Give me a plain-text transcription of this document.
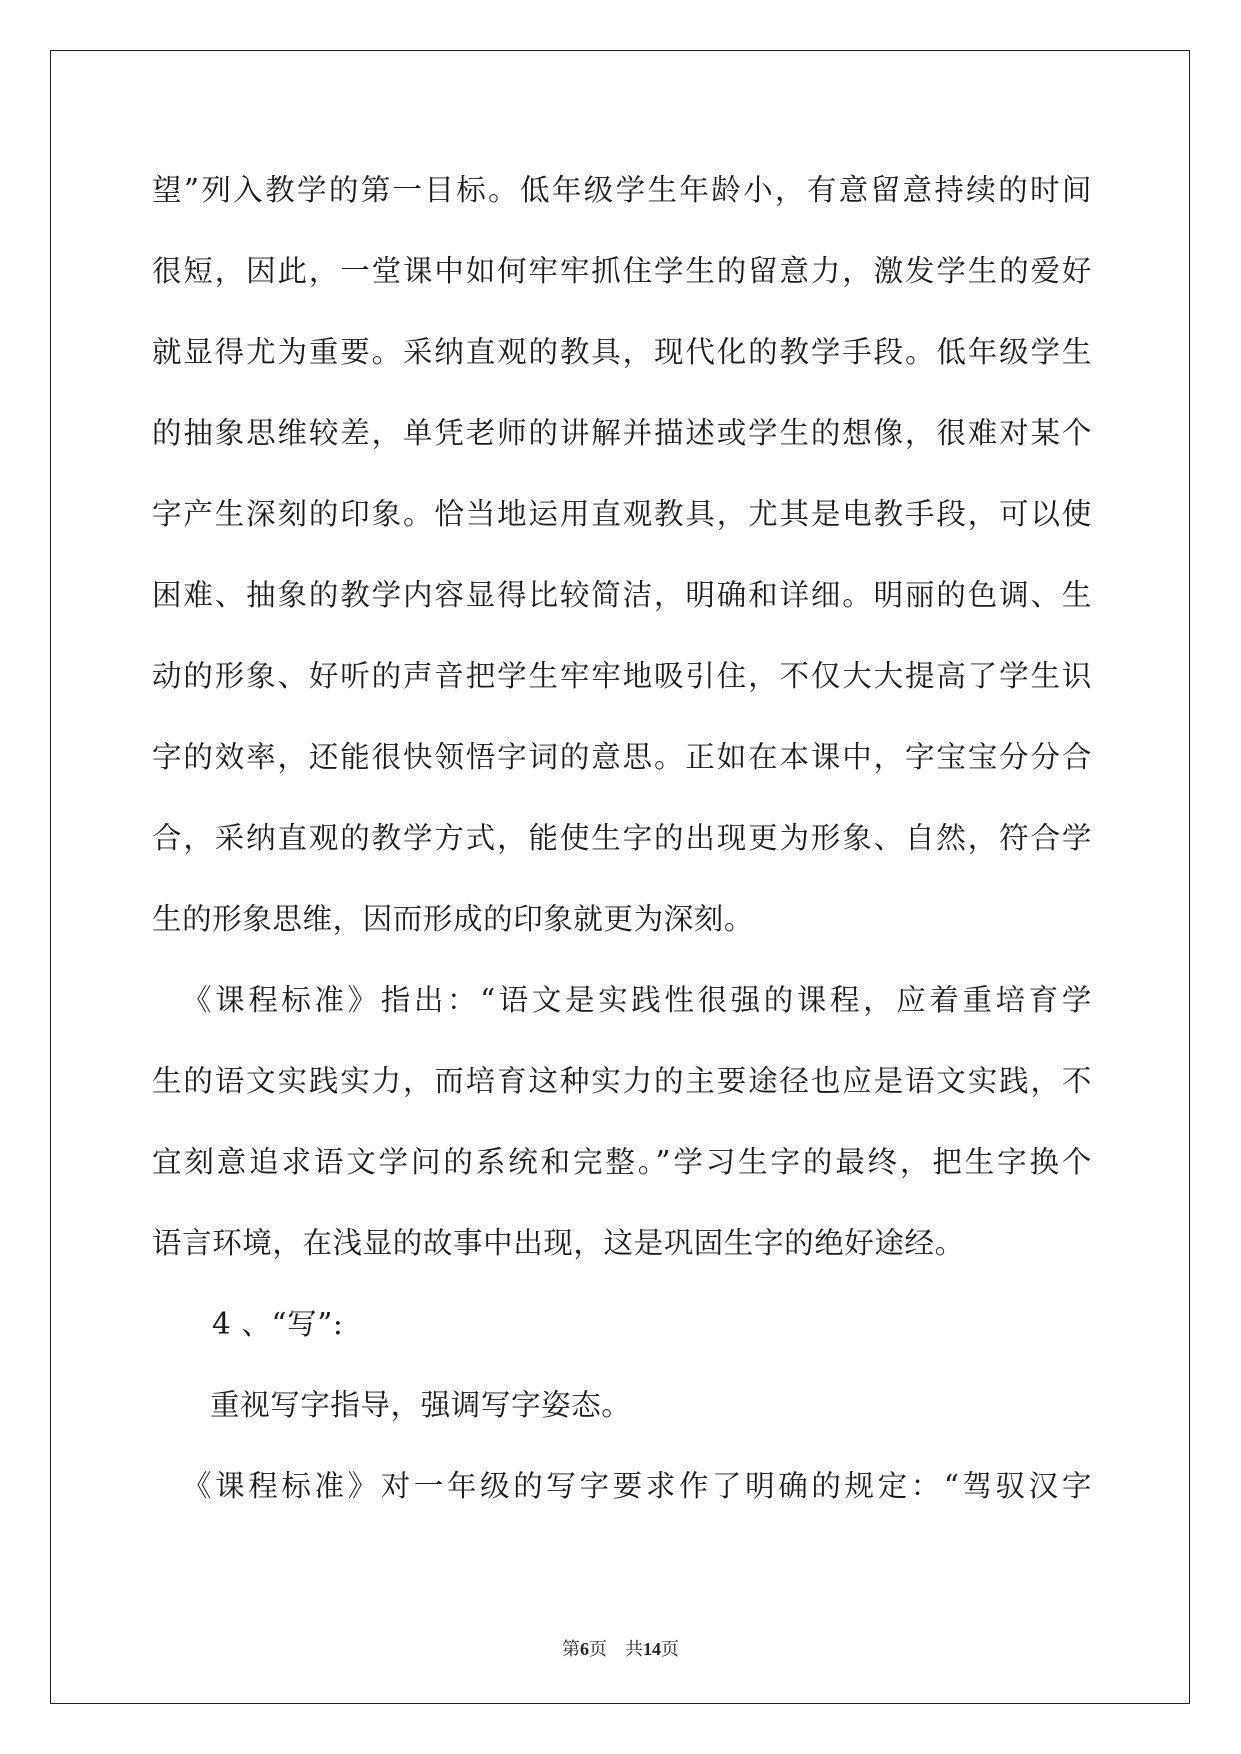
望”列入教学的第一目标。低年级学生年龄小，有意留意持续的时间
很短，因此，一堂课中如何牢牢抓住学生的留意力，激发学生的爱好
就显得尤为重要。采纳直观的教具，现代化的教学手段。低年级学生
的抽象思维较差，单凭老师的讲解并描述或学生的想像，很难对某个
字产生深刻的印象。恰当地运用直观教具，尤其是电教手段，可以使
困难、抽象的教学内容显得比较简洁，明确和详细。明丽的色调、生
动的形象、好听的声音把学生牢牢地吸引住，不仅大大提高了学生识
字的效率，还能很快领悟字词的意思。正如在本课中，字宝宝分分合
合，采纳直观的教学方式，能使生字的出现更为形象、自然，符合学
生的形象思维，因而形成的印象就更为深刻。
《课程标准》指出：“语文是实践性很强的课程，应着重培育学
生的语文实践实力，而培育这种实力的主要途径也应是语文实践，不
宜刻意追求语文学问的系统和完整。”学习生字的最终，把生字换个
语言环境，在浅显的故事中出现，这是巩固生字的绝好途经。
4 、“写”:
重视写字指导，强调写字姿态。
《课程标准》对一年级的写字要求作了明确的规定：“驾驭汉字
第6页　共14页
